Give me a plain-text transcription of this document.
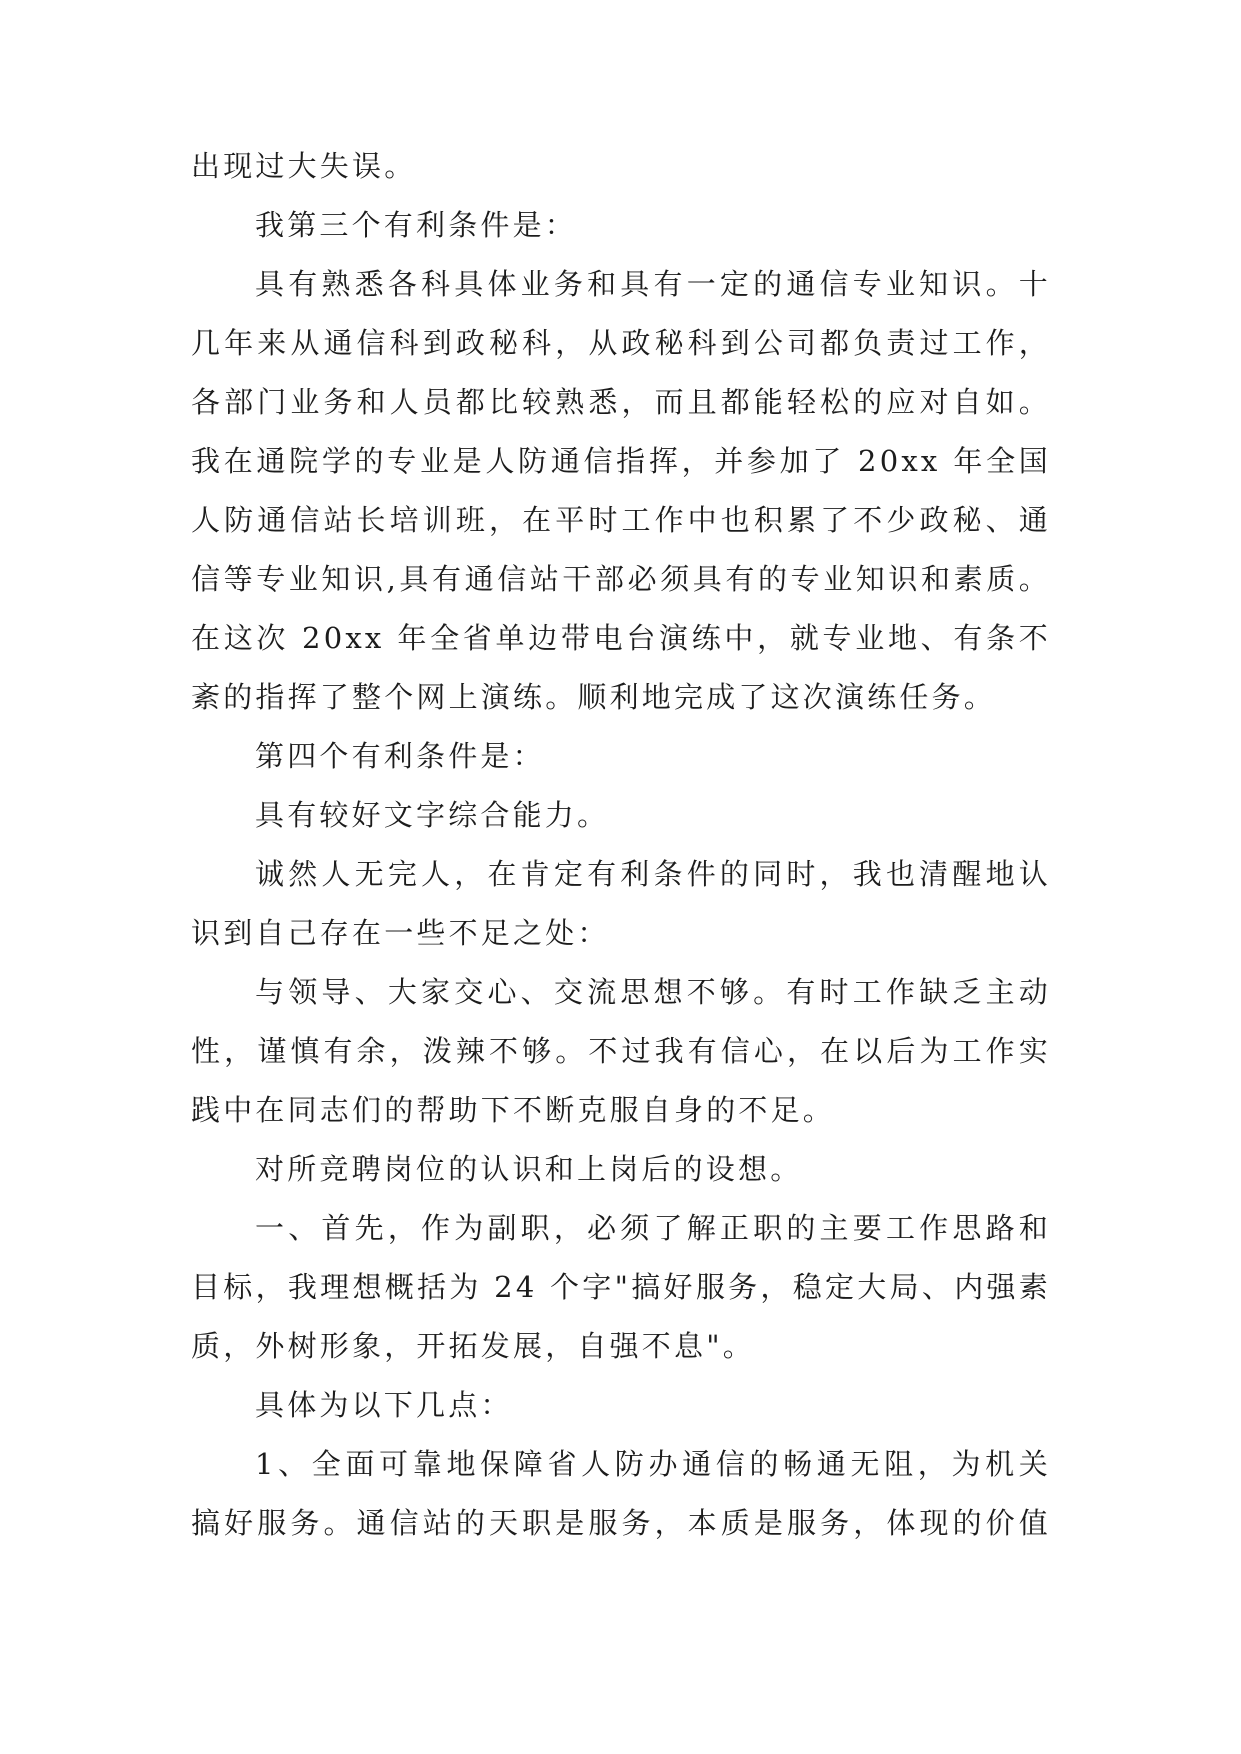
出现过大失误。
我第三个有利条件是：
具有熟悉各科具体业务和具有一定的通信专业知识。十
几年来从通信科到政秘科，从政秘科到公司都负责过工作，
各部门业务和人员都比较熟悉，而且都能轻松的应对自如。
我在通院学的专业是人防通信指挥，并参加了 20xx 年全国
人防通信站长培训班，在平时工作中也积累了不少政秘、通
信等专业知识,具有通信站干部必须具有的专业知识和素质。
在这次 20xx 年全省单边带电台演练中，就专业地、有条不
紊的指挥了整个网上演练。顺利地完成了这次演练任务。
第四个有利条件是：
具有较好文字综合能力。
诚然人无完人，在肯定有利条件的同时，我也清醒地认
识到自己存在一些不足之处：
与领导、大家交心、交流思想不够。有时工作缺乏主动
性，谨慎有余，泼辣不够。不过我有信心，在以后为工作实
践中在同志们的帮助下不断克服自身的不足。
对所竞聘岗位的认识和上岗后的设想。
一、首先，作为副职，必须了解正职的主要工作思路和
目标，我理想概括为 24 个字"搞好服务，稳定大局、内强素
质，外树形象，开拓发展，自强不息"。
具体为以下几点：
1、全面可靠地保障省人防办通信的畅通无阻，为机关
搞好服务。通信站的天职是服务，本质是服务，体现的价值
